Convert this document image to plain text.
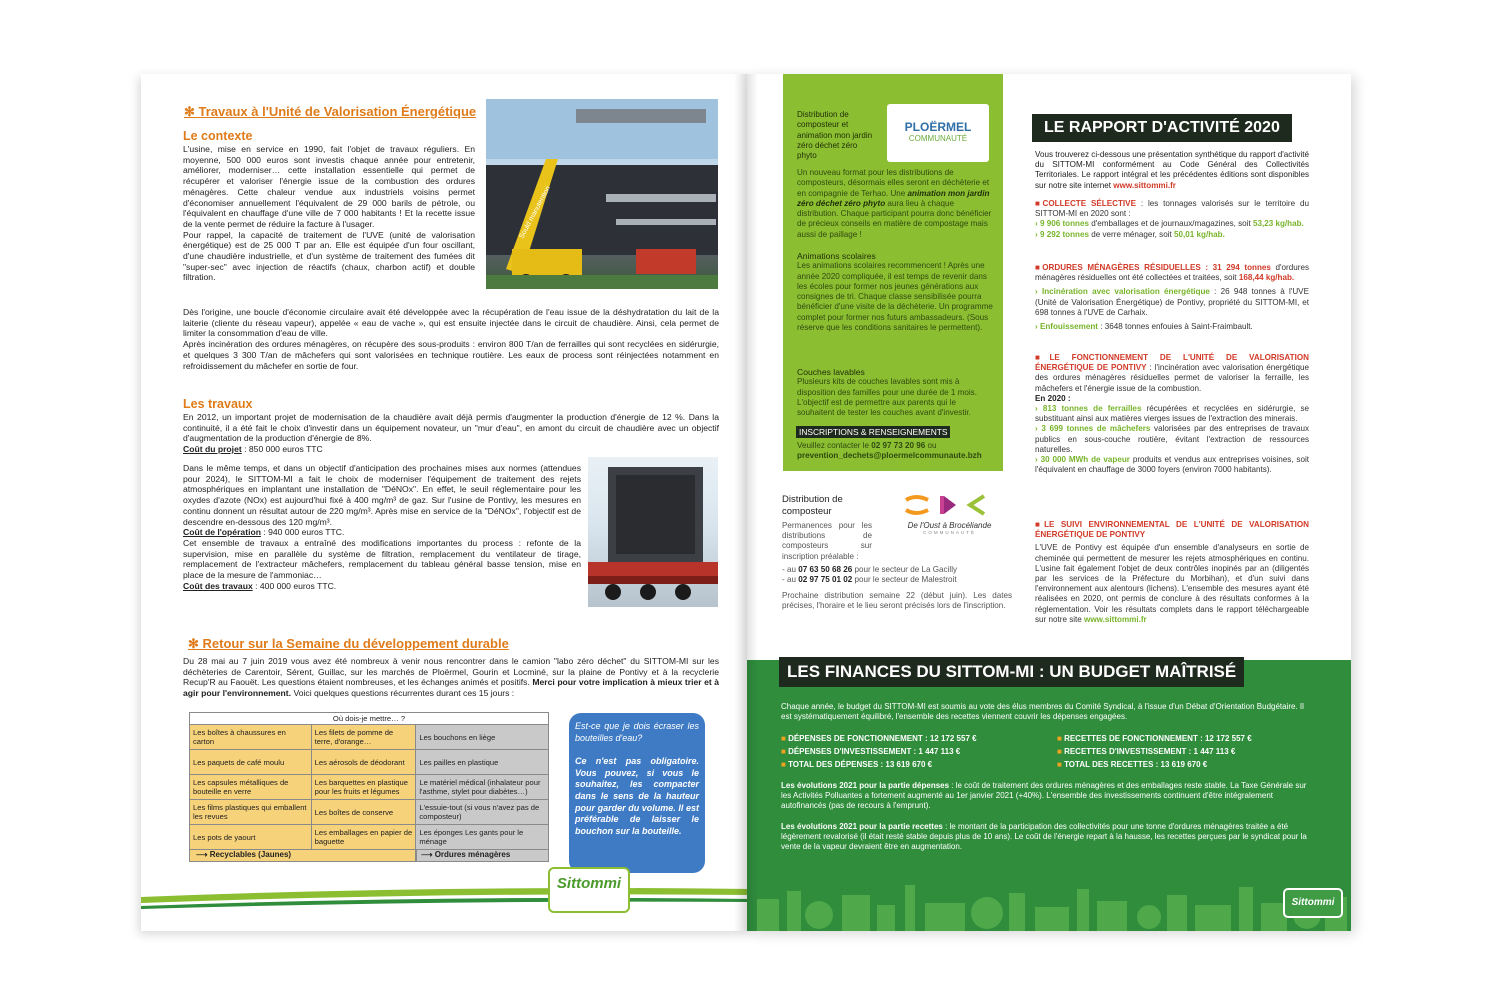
✻ Travaux à l'Unité de Valorisation Énergétique
Sould manutention
Le contexte

L'usine, mise en service en 1990, fait l'objet de travaux réguliers. En moyenne, 500 000 euros sont investis chaque année pour entretenir, améliorer, moderniser… cette installation essentielle qui permet de récupérer et valoriser l'énergie issue de la combustion des ordures ménagères. Cette chaleur vendue aux industriels voisins permet d'économiser annuellement l'équivalent de 29 000 barils de pétrole, ou l'équivalent en chauffage d'une ville de 7 000 habitants ! Et la recette issue de la vente permet de réduire la facture à l'usager.

Pour rappel, la capacité de traitement de l'UVE (unité de valorisation énergétique) est de 25 000 T par an. Elle est équipée d'un four oscillant, d'une chaudière industrielle, et d'un système de traitement des fumées dit "super-sec" avec injection de réactifs (chaux, charbon actif) et double filtration.

Dès l'origine, une boucle d'économie circulaire avait été développée avec la récupération de l'eau issue de la déshydratation du lait de la laiterie (cliente du réseau vapeur), appelée « eau de vache », qui est ensuite injectée dans le circuit de chaudière. Ainsi, cela permet de limiter la consommation d'eau de ville.

Après incinération des ordures ménagères, on récupère des sous-produits : environ 800 T/an de ferrailles qui sont recyclées en sidérurgie, et quelques 3 300 T/an de mâchefers qui sont valorisées en technique routière. Les eaux de process sont réinjectées notamment en refroidissement du mâchefer en sortie de four.

Les travaux

En 2012, un important projet de modernisation de la chaudière avait déjà permis d'augmenter la production d'énergie de 12 %. Dans la continuité, il a été fait le choix d'investir dans un équipement novateur, un "mur d'eau", en amont du circuit de chaudière avec un objectif d'augmentation de la production d'énergie de 8%.

Coût du projet : 850 000 euros TTC

Dans le même temps, et dans un objectif d'anticipation des prochaines mises aux normes (attendues pour 2024), le SITTOM-MI a fait le choix de moderniser l'équipement de traitement des rejets atmosphériques en implantant une installation de "DéNOx". En effet, le seuil réglementaire pour les oxydes d'azote (NOx) est aujourd'hui fixé à 400 mg/m³ de gaz. Sur l'usine de Pontivy, les mesures en continu donnent un résultat autour de 220 mg/m³. Après mise en service de la "DéNOx", l'objectif est de descendre en-dessous des 120 mg/m³.

Coût de l'opération : 940 000 euros TTC.

Cet ensemble de travaux a entraîné des modifications importantes du process : refonte de la supervision, mise en parallèle du système de filtration, remplacement du ventilateur de tirage, remplacement de l'extracteur mâchefers, remplacement du tableau général basse tension, mise en place de la mesure de l'ammoniac…

Coût des travaux : 400 000 euros TTC.

✻ Retour sur la Semaine du développement durable

Du 28 mai au 7 juin 2019 vous avez été nombreux à venir nous rencontrer dans le camion "labo zéro déchet" du SITTOM-MI sur les déchèteries de Carentoir, Sérent, Guillac, sur les marchés de Ploërmel, Gourin et Locminé, sur la plaine de Pontivy et à la recyclerie Recup'R au Faouët. Les questions étaient nombreuses, et les échanges animés et positifs. Merci pour votre implication à mieux trier et à agir pour l'environnement. Voici quelques questions récurrentes durant ces 15 jours :

Où dois-je mettre… ?		
Les boîtes à chaussures en carton	Les filets de pomme de terre, d'orange…	Les bouchons en liège
Les paquets de café moulu	Les aérosols de déodorant	Les pailles en plastique
Les capsules métalliques de bouteille en verre	Les barquettes en plastique pour les fruits et légumes	Le matériel médical (inhalateur pour l'asthme, stylet pour diabètes…)
Les films plastiques qui emballent les revues	Les boîtes de conserve	L'essuie-tout (si vous n'avez pas de composteur)
Les pots de yaourt	Les emballages en papier de baguette	Les éponges Les gants pour le ménage
⟶ Recyclables (Jaunes)	⟶ Ordures ménagères

Est-ce que je dois écraser les bouteilles d'eau?

Ce n'est pas obligatoire. Vous pouvez, si vous le souhaitez, les compacter dans le sens de la hauteur pour garder du volume. Il est préférable de laisser le bouchon sur la bouteille.

Sittommi
Distribution de composteur et animation mon jardin zéro déchet zéro phyto
PLOËRMEL
COMMUNAUTÉ
Un nouveau format pour les distributions de composteurs, désormais elles seront en déchèterie et en compagnie de Terhao. Une animation mon jardin zéro déchet zéro phyto aura lieu à chaque distribution. Chaque participant pourra donc bénéficier de précieux conseils en matière de compostage mais aussi de paillage !
Animations scolaires
Les animations scolaires recommencent ! Après une année 2020 compliquée, il est temps de revenir dans les écoles pour former nos jeunes générations aux consignes de tri. Chaque classe sensibilisée pourra bénéficier d'une visite de la déchèterie. Un programme complet pour former nos futurs ambassadeurs. (Sous réserve que les conditions sanitaires le permettent).
Couches lavables
Plusieurs kits de couches lavables sont mis à disposition des familles pour une durée de 1 mois. L'objectif est de permettre aux parents qui le souhaitent de tester les couches avant d'investir.
INSCRIPTIONS & RENSEIGNEMENTS
Veuillez contacter le 02 97 73 20 96 ou
prevention_dechets@ploermelcommunaute.bzh
Distribution de composteur
Permanences pour les distributions de composteurs sur inscription préalable :
- au 07 63 50 68 26 pour le secteur de La Gacilly
- au 02 97 75 01 02 pour le secteur de Malestroit
Prochaine distribution semaine 22 (début juin). Les dates précises, l'horaire et le lieu seront précisés lors de l'inscription.
De l'Oust à Brocéliande
COMMUNAUTÉ
LE RAPPORT D'ACTIVITÉ 2020
Vous trouverez ci-dessous une présentation synthétique du rapport d'activité du SITTOM-MI conformément au Code Général des Collectivités Territoriales. Le rapport intégral et les précédentes éditions sont disponibles sur notre site internet www.sittommi.fr

■COLLECTE SÉLECTIVE : les tonnages valorisés sur le territoire du SITTOM-MI en 2020 sont :

› 9 906 tonnes d'emballages et de journaux/magazines, soit 53,23 kg/hab.

› 9 292 tonnes de verre ménager, soit 50,01 kg/hab.

■ORDURES MÉNAGÈRES RÉSIDUELLES : 31 294 tonnes d'ordures ménagères résiduelles ont été collectées et traitées, soit 168,44 kg/hab.

› Incinération avec valorisation énergétique : 26 948 tonnes à l'UVE (Unité de Valorisation Énergétique) de Pontivy, propriété du SITTOM-MI, et 698 tonnes à l'UVE de Carhaix.

› Enfouissement : 3648 tonnes enfouies à Saint-Fraimbault.

■LE FONCTIONNEMENT DE L'UNITÉ DE VALORISATION ÉNERGÉTIQUE DE PONTIVY : l'incinération avec valorisation énergétique des ordures ménagères résiduelles permet de valoriser la ferraille, les mâchefers et l'énergie issue de la combustion.

En 2020 :

› 813 tonnes de ferrailles récupérées et recyclées en sidérurgie, se substituant ainsi aux matières vierges issues de l'extraction des minerais.

› 3 699 tonnes de mâchefers valorisées par des entreprises de travaux publics en sous-couche routière, évitant l'extraction de ressources naturelles.

› 30 000 MWh de vapeur produits et vendus aux entreprises voisines, soit l'équivalent en chauffage de 3000 foyers (environ 7000 habitants).

■LE SUIVI ENVIRONNEMENTAL DE L'UNITÉ DE VALORISATION ÉNERGÉTIQUE DE PONTIVY

L'UVE de Pontivy est équipée d'un ensemble d'analyseurs en sortie de cheminée qui permettent de mesurer les rejets atmosphériques en continu. L'usine fait également l'objet de deux contrôles inopinés par an (diligentés par les services de la Préfecture du Morbihan), et d'un suivi dans l'environnement aux alentours (lichens). L'ensemble des mesures ayant été réalisées en 2020, ont permis de conclure à des résultats conformes à la réglementation. Voir les résultats complets dans le rapport téléchargeable sur notre site www.sittommi.fr

LES FINANCES DU SITTOM-MI : UN BUDGET MAÎTRISÉ
Chaque année, le budget du SITTOM-MI est soumis au vote des élus membres du Comité Syndical, à l'issue d'un Débat d'Orientation Budgétaire. Il est systématiquement équilibré, l'ensemble des recettes viennent couvrir les dépenses engagées.
■ DÉPENSES DE FONCTIONNEMENT : 12 172 557 €
■ DÉPENSES D'INVESTISSEMENT : 1 447 113 €
■ TOTAL DES DÉPENSES : 13 619 670 €
■ RECETTES DE FONCTIONNEMENT : 12 172 557 €
■ RECETTES D'INVESTISSEMENT : 1 447 113 €
■ TOTAL DES RECETTES : 13 619 670 €
Les évolutions 2021 pour la partie dépenses : le coût de traitement des ordures ménagères et des emballages reste stable. La Taxe Générale sur les Activités Polluantes a fortement augmenté au 1er janvier 2021 (+40%). L'ensemble des investissements continuent d'être intégralement autofinancés (pas de recours à l'emprunt).
Les évolutions 2021 pour la partie recettes : le montant de la participation des collectivités pour une tonne d'ordures ménagères traitée a été légèrement revalorisé (il était resté stable depuis plus de 10 ans). Le coût de l'énergie repart à la hausse, les recettes perçues par le syndicat pour la vente de la vapeur devraient être en augmentation.
Sittommi
